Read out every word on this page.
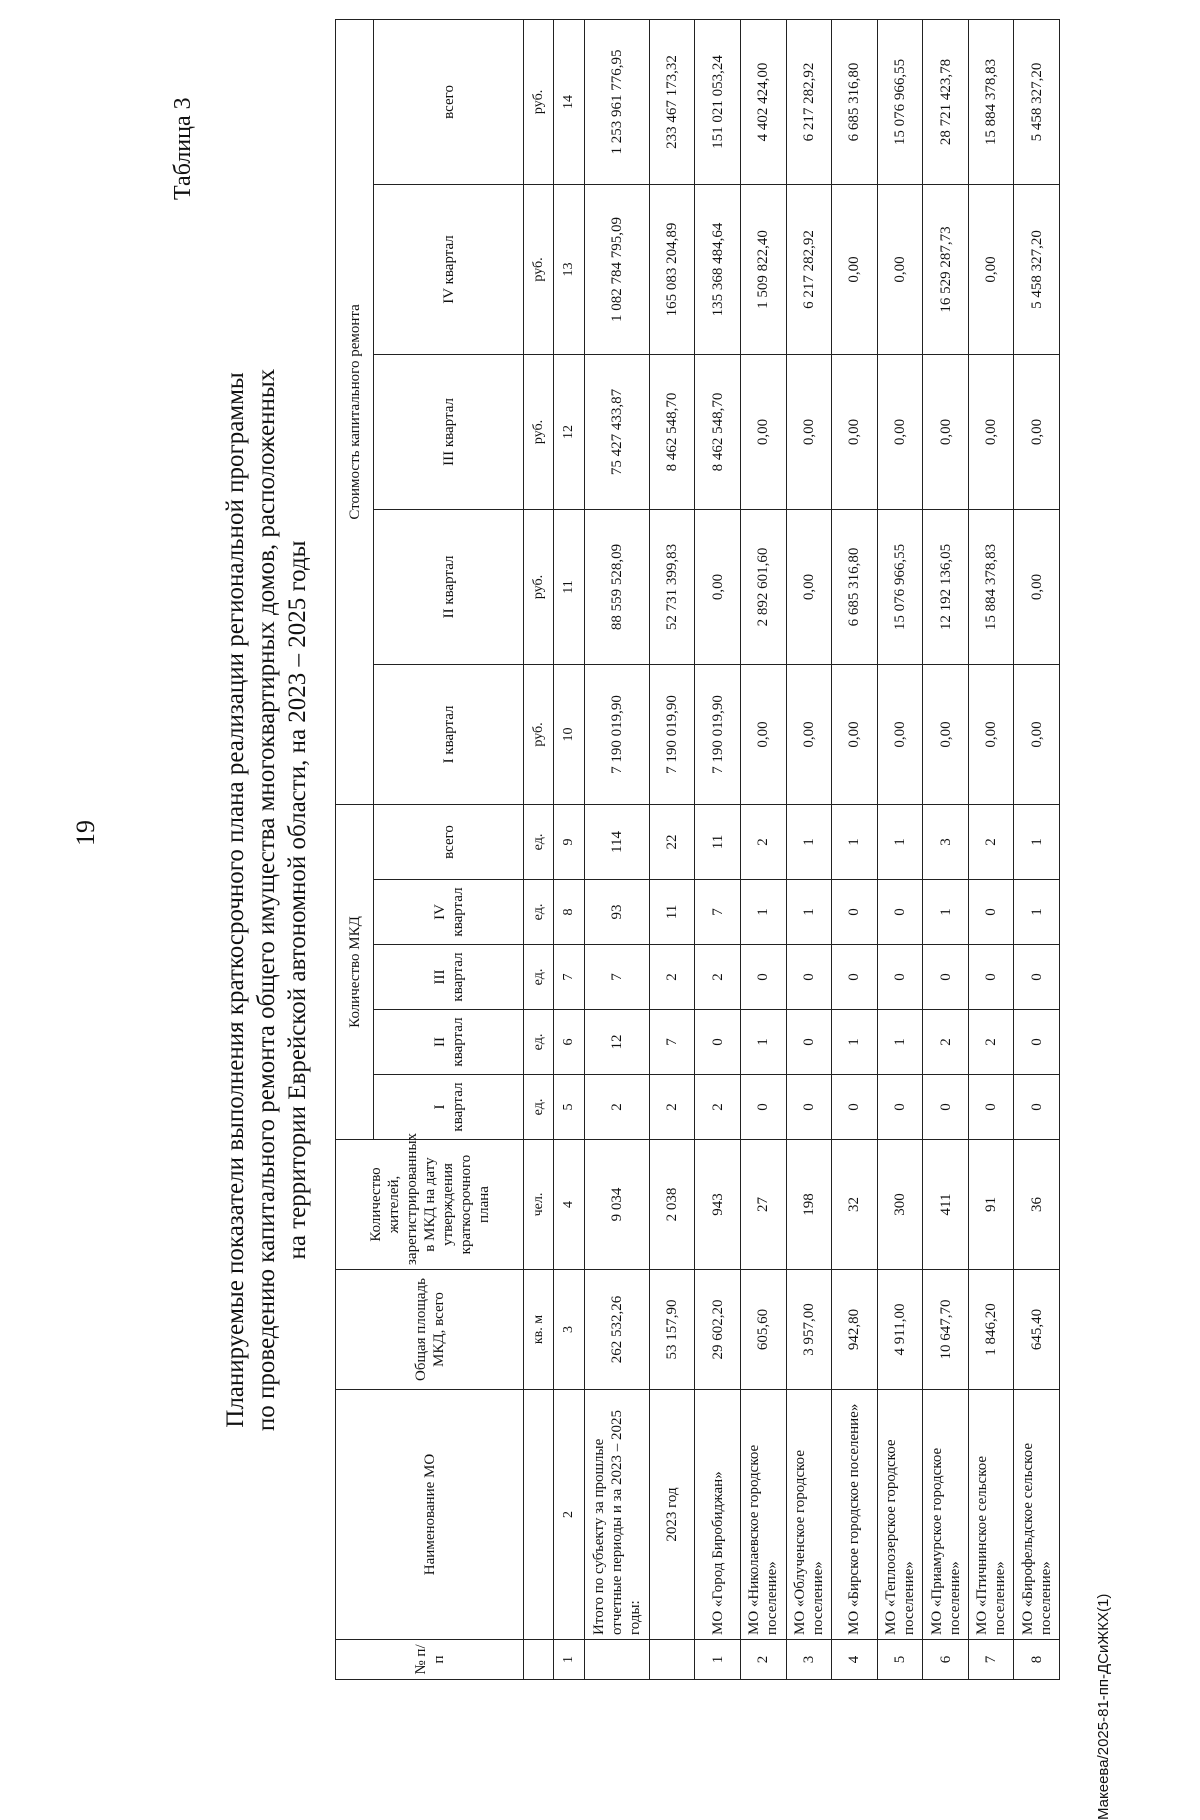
19
Таблица 3
Планируемые показатели выполнения краткосрочного плана реализации региональной программы по проведению капитального ремонта общего имущества многоквартирных домов, расположенных на территории Еврейской автономной области, на 2023 – 2025 годы
№ п/п	Наименование МО	Общая площадь МКД, всего	Количество жителей, зарегистрированных в МКД на дату утверждения краткосрочного плана	Количество МКД					Стоимость капитального ремонта				
				I квартал	II квартал	III квартал	IV квартал	всего	I квартал	II квартал	III квартал	IV квартал	всего
		кв. м	чел.	ед.	ед.	ед.	ед.	ед.	руб.	руб.	руб.	руб.	руб.
1	2	3	4	5	6	7	8	9	10	11	12	13	14
	Итого по субъекту за прошлые отчетные периоды и за 2023 – 2025 годы:	262 532,26	9 034	2	12	7	93	114	7 190 019,90	88 559 528,09	75 427 433,87	1 082 784 795,09	1 253 961 776,95
	2023 год	53 157,90	2 038	2	7	2	11	22	7 190 019,90	52 731 399,83	8 462 548,70	165 083 204,89	233 467 173,32
1	МО «Город Биробиджан»	29 602,20	943	2	0	2	7	11	7 190 019,90	0,00	8 462 548,70	135 368 484,64	151 021 053,24
2	МО «Николаевское городское поселение»	605,60	27	0	1	0	1	2	0,00	2 892 601,60	0,00	1 509 822,40	4 402 424,00
3	МО «Облученское городское поселение»	3 957,00	198	0	0	0	1	1	0,00	0,00	0,00	6 217 282,92	6 217 282,92
4	МО «Бирское городское поселение»	942,80	32	0	1	0	0	1	0,00	6 685 316,80	0,00	0,00	6 685 316,80
5	МО «Теплоозерское городское поселение»	4 911,00	300	0	1	0	0	1	0,00	15 076 966,55	0,00	0,00	15 076 966,55
6	МО «Приамурское городское поселение»	10 647,70	411	0	2	0	1	3	0,00	12 192 136,05	0,00	16 529 287,73	28 721 423,78
7	МО «Птичнинское сельское поселение»	1 846,20	91	0	2	0	0	2	0,00	15 884 378,83	0,00	0,00	15 884 378,83
8	МО «Бирофельдское сельское поселение»	645,40	36	0	0	0	1	1	0,00	0,00	0,00	5 458 327,20	5 458 327,20
Макеева/2025-81-пп-ДСиЖКХ(1)
